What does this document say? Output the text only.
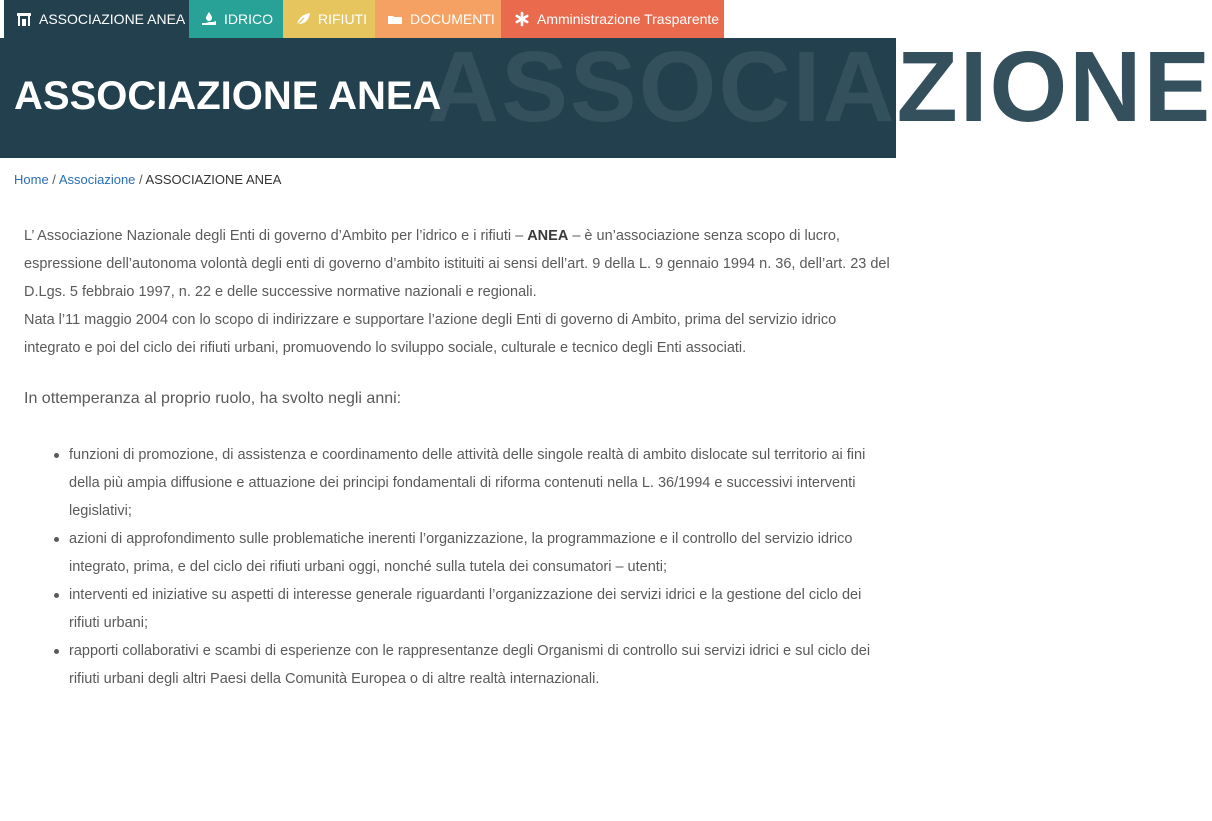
ASSOCIAZIONE ANEA	IDRICO	RIFIUTI	DOCUMENTI	Amministrazione Trasparente
ASSOCIAZIONE
ASSOCIAZIONE ANEA
Home / Associazione / ASSOCIAZIONE ANEA

L’ Associazione Nazionale degli Enti di governo d’Ambito per l’idrico e i rifiuti – ANEA – è un’associazione senza scopo di lucro, espressione dell’autonoma volontà degli enti di governo d’ambito istituiti ai sensi dell’art. 9 della L. 9 gennaio 1994 n. 36, dell’art. 23 del D.Lgs. 5 febbraio 1997, n. 22 e delle successive normative nazionali e regionali.

Nata l’11 maggio 2004 con lo scopo di indirizzare e supportare l’azione degli Enti di governo di Ambito, prima del servizio idrico integrato e poi del ciclo dei rifiuti urbani, promuovendo lo sviluppo sociale, culturale e tecnico degli Enti associati.

In ottemperanza al proprio ruolo, ha svolto negli anni:

funzioni di promozione, di assistenza e coordinamento delle attività delle singole realtà di ambito dislocate sul territorio ai fini della più ampia diffusione e attuazione dei principi fondamentali di riforma contenuti nella L. 36/1994 e successivi interventi legislativi;
azioni di approfondimento sulle problematiche inerenti l’organizzazione, la programmazione e il controllo del servizio idrico integrato, prima, e del ciclo dei rifiuti urbani oggi, nonché sulla tutela dei consumatori – utenti;
interventi ed iniziative su aspetti di interesse generale riguardanti l’organizzazione dei servizi idrici e la gestione del ciclo dei rifiuti urbani;
rapporti collaborativi e scambi di esperienze con le rappresentanze degli Organismi di controllo sui servizi idrici e sul ciclo dei rifiuti urbani degli altri Paesi della Comunità Europea o di altre realtà internazionali.
